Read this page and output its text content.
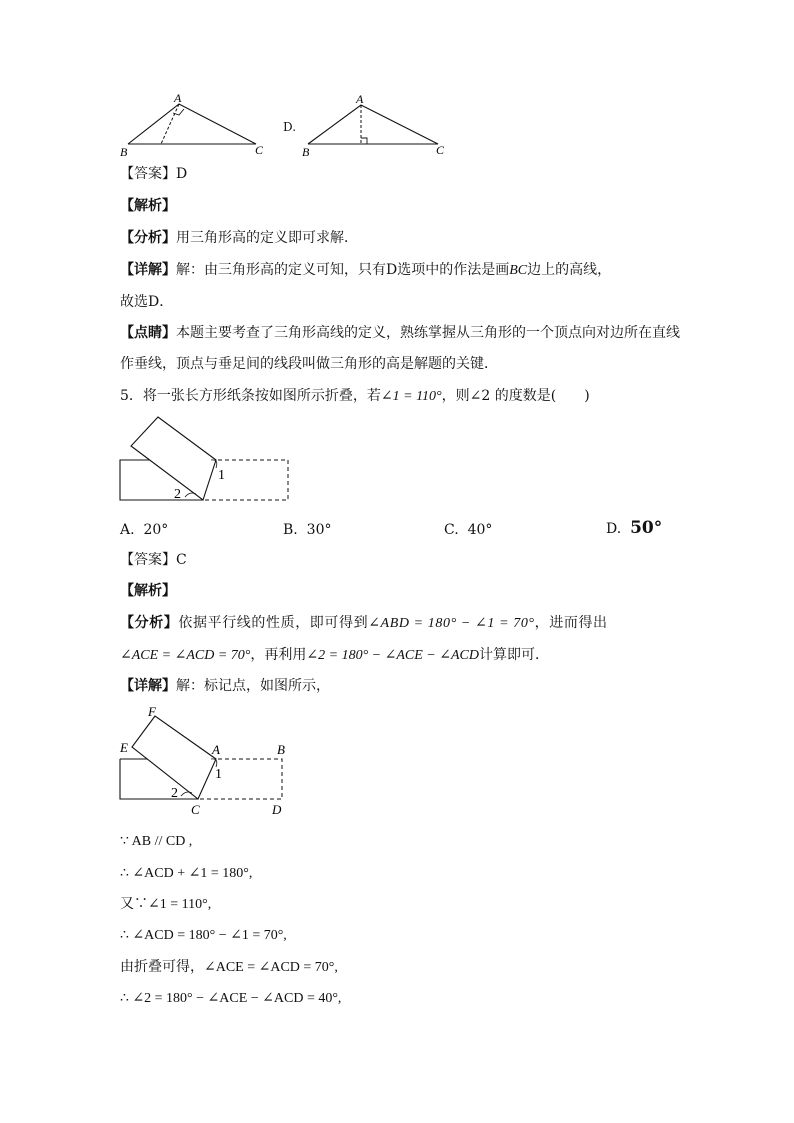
A
B	C
A
B	C
D.
【答案】D
【解析】
【分析】用三角形高的定义即可求解．
【详解】解：由三角形高的定义可知，只有D选项中的作法是画BC边上的高线，
故选D．
【点睛】本题主要考查了三角形高线的定义，熟练掌握从三角形的一个顶点向对边所在直线
作垂线，顶点与垂足间的线段叫做三角形的高是解题的关键．
5．将一张长方形纸条按如图所示折叠，若∠1 = 110°，则∠2 的度数是(　　)
1
2
A. 20°	B. 30°	C. 40°	D. 50°
【答案】C
【解析】
【分析】依据平行线的性质，即可得到∠ABD = 180° − ∠1 = 70°，进而得出
∠ACE = ∠ACD = 70°，再利用∠2 = 180° − ∠ACE − ∠ACD计算即可．
【详解】解：标记点，如图所示，
F
E	A	B
C	D
1
2
∵ AB // CD ,
∴ ∠ACD + ∠1 = 180°,
又∵∠1 = 110°,
∴ ∠ACD = 180° − ∠1 = 70°,
由折叠可得，∠ACE = ∠ACD = 70°,
∴ ∠2 = 180° − ∠ACE − ∠ACD = 40°,
